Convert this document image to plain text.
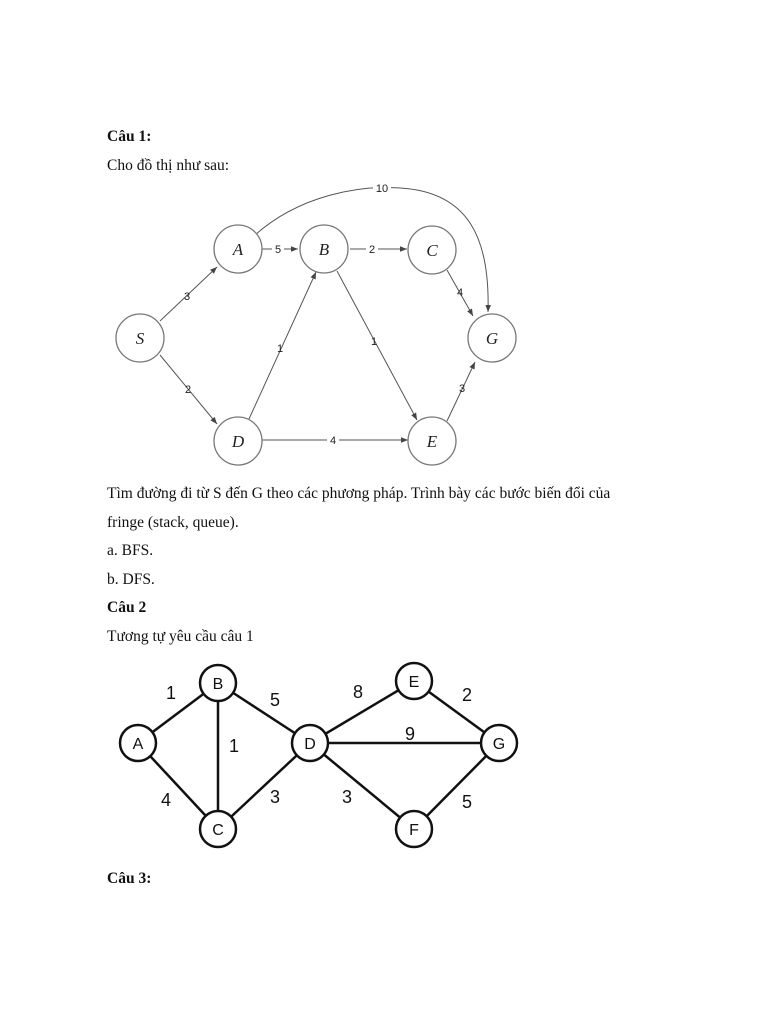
Câu 1:
Cho đồ thị như sau:
5
10
2
3
2
1
1
4
3
4
S
A	B	C
G
D	E
Tìm đường đi từ S đến G theo các phương pháp. Trình bày các bước biến đổi của
fringe (stack, queue).
a. BFS.
b. DFS.
Câu 2
Tương tự yêu cầu câu 1
1
4
1
5
3
8
9
3
2
5
A
B
C
D
E
F
G
Câu 3:
